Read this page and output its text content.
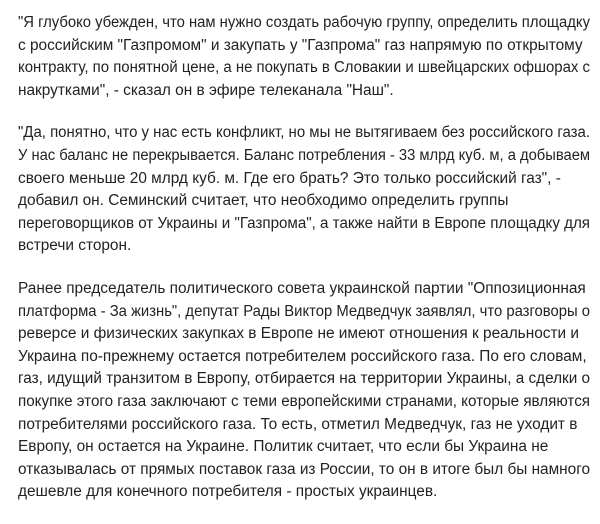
"Я глубоко убежден, что нам нужно создать рабочую группу, определить площадку
с российским "Газпромом" и закупать у "Газпрома" газ напрямую по открытому
контракту, по понятной цене, а не покупать в Словакии и швейцарских офшорах с
накрутками", - сказал он в эфире телеканала "Наш".

"Да, понятно, что у нас есть конфликт, но мы не вытягиваем без российского газа.
У нас баланс не перекрывается. Баланс потребления - 33 млрд куб. м, а добываем
своего меньше 20 млрд куб. м. Где его брать? Это только российский газ", -
добавил он. Семинский считает, что необходимо определить группы
переговорщиков от Украины и "Газпрома", а также найти в Европе площадку для
встречи сторон.

Ранее председатель политического совета украинской партии "Оппозиционная
платформа - За жизнь", депутат Рады Виктор Медведчук заявлял, что разговоры о
реверсе и физических закупках в Европе не имеют отношения к реальности и
Украина по-прежнему остается потребителем российского газа. По его словам,
газ, идущий транзитом в Европу, отбирается на территории Украины, а сделки о
покупке этого газа заключают с теми европейскими странами, которые являются
потребителями российского газа. То есть, отметил Медведчук, газ не уходит в
Европу, он остается на Украине. Политик считает, что если бы Украина не
отказывалась от прямых поставок газа из России, то он в итоге был бы намного
дешевле для конечного потребителя - простых украинцев.
